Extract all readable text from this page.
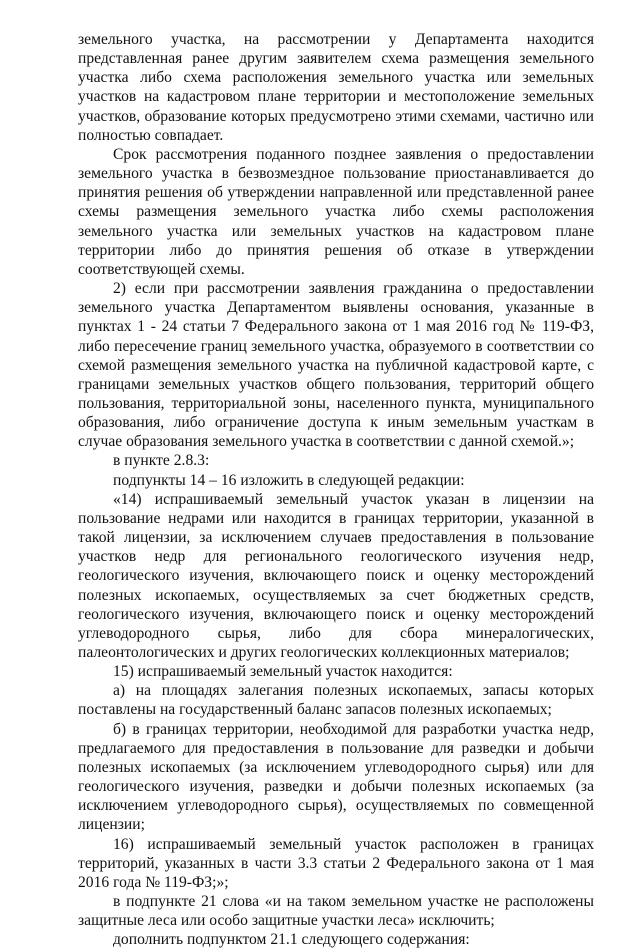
земельного участка, на рассмотрении у Департамента находится представленная ранее другим заявителем схема размещения земельного участка либо схема расположения земельного участка или земельных участков на кадастровом плане территории и местоположение земельных участков, образование которых предусмотрено этими схемами, частично или полностью совпадает.

Срок рассмотрения поданного позднее заявления о предоставлении земельного участка в безвозмездное пользование приостанавливается до принятия решения об утверждении направленной или представленной ранее схемы размещения земельного участка либо схемы расположения земельного участка или земельных участков на кадастровом плане территории либо до принятия решения об отказе в утверждении соответствующей схемы.

2) если при рассмотрении заявления гражданина о предоставлении земельного участка Департаментом выявлены основания, указанные в пунктах 1 - 24 статьи 7 Федерального закона от 1 мая 2016 год № 119-ФЗ, либо пересечение границ земельного участка, образуемого в соответствии со схемой размещения земельного участка на публичной кадастровой карте, с границами земельных участков общего пользования, территорий общего пользования, территориальной зоны, населенного пункта, муниципального образования, либо ограничение доступа к иным земельным участкам в случае образования земельного участка в соответствии с данной схемой.»;

в пункте 2.8.3:

подпункты 14 – 16 изложить в следующей редакции:

«14) испрашиваемый земельный участок указан в лицензии на пользование недрами или находится в границах территории, указанной в такой лицензии, за исключением случаев предоставления в пользование участков недр для регионального геологического изучения недр, геологического изучения, включающего поиск и оценку месторождений полезных ископаемых, осуществляемых за счет бюджетных средств, геологического изучения, включающего поиск и оценку месторождений углеводородного сырья, либо для сбора минералогических, палеонтологических и других геологических коллекционных материалов;

15) испрашиваемый земельный участок находится:

а) на площадях залегания полезных ископаемых, запасы которых поставлены на государственный баланс запасов полезных ископаемых;

б) в границах территории, необходимой для разработки участка недр, предлагаемого для предоставления в пользование для разведки и добычи полезных ископаемых (за исключением углеводородного сырья) или для геологического изучения, разведки и добычи полезных ископаемых (за исключением углеводородного сырья), осуществляемых по совмещенной лицензии;

16) испрашиваемый земельный участок расположен в границах территорий, указанных в части 3.3 статьи 2 Федерального закона от 1 мая 2016 года № 119-ФЗ;»;

в подпункте 21 слова «и на таком земельном участке не расположены защитные леса или особо защитные участки леса» исключить;

дополнить подпунктом 21.1 следующего содержания:
